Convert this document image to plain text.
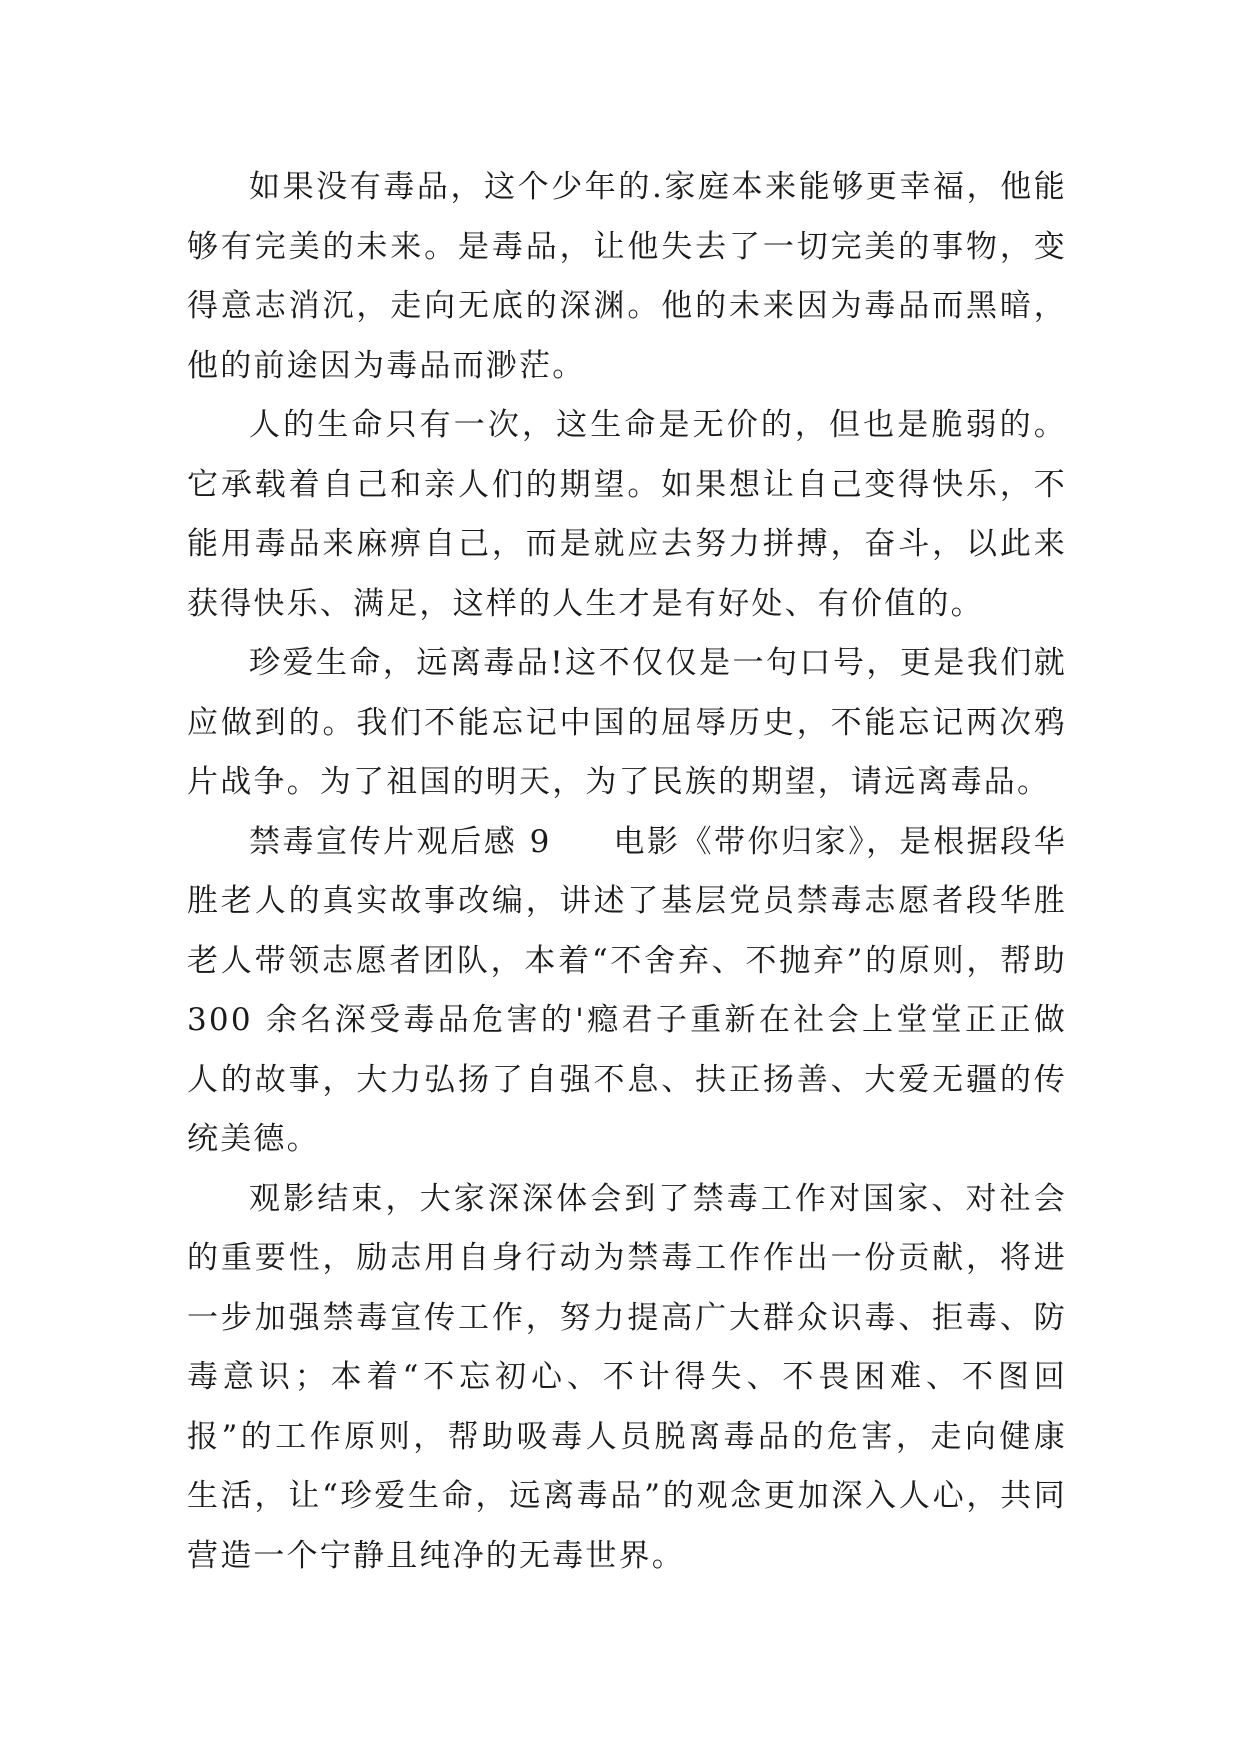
如果没有毒品，这个少年的.家庭本来能够更幸福，他能够有完美的未来。是毒品，让他失去了一切完美的事物，变得意志消沉，走向无底的深渊。他的未来因为毒品而黑暗，他的前途因为毒品而渺茫。

人的生命只有一次，这生命是无价的，但也是脆弱的。它承载着自己和亲人们的期望。如果想让自己变得快乐，不能用毒品来麻痹自己，而是就应去努力拼搏，奋斗，以此来获得快乐、满足，这样的人生才是有好处、有价值的。

珍爱生命，远离毒品!这不仅仅是一句口号，更是我们就应做到的。我们不能忘记中国的屈辱历史，不能忘记两次鸦片战争。为了祖国的明天，为了民族的期望，请远离毒品。

禁毒宣传片观后感 9 电影《带你归家》，是根据段华胜老人的真实故事改编，讲述了基层党员禁毒志愿者段华胜老人带领志愿者团队，本着“不舍弃、不抛弃”的原则，帮助 300 余名深受毒品危害的'瘾君子重新在社会上堂堂正正做人的故事，大力弘扬了自强不息、扶正扬善、大爱无疆的传统美德。

观影结束，大家深深体会到了禁毒工作对国家、对社会的重要性，励志用自身行动为禁毒工作作出一份贡献，将进一步加强禁毒宣传工作，努力提高广大群众识毒、拒毒、防毒意识；本着“不忘初心、不计得失、不畏困难、不图回报”的工作原则，帮助吸毒人员脱离毒品的危害，走向健康生活，让“珍爱生命，远离毒品”的观念更加深入人心，共同营造一个宁静且纯净的无毒世界。
